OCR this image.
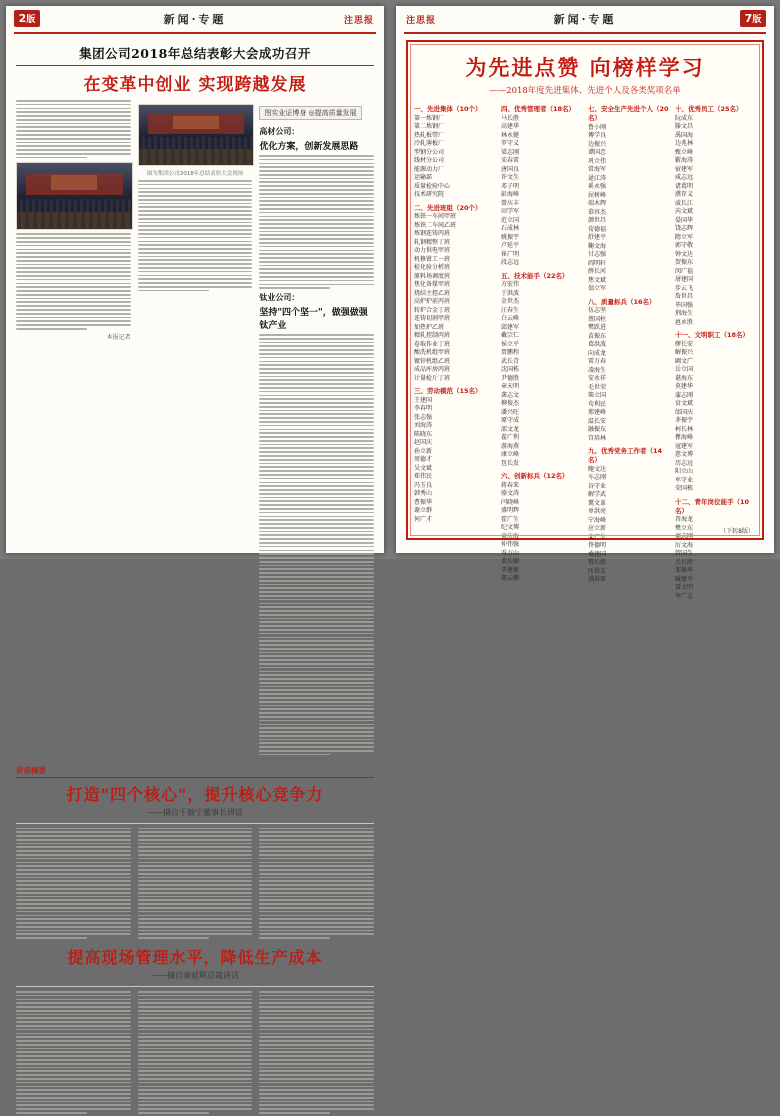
2版	新闻·专题	注思报
集团公司2018年总结表彰大会成功召开
在变革中创业 实现跨越发展
本报记者
图为集团公司2018年总结表彰大会现场
图实业证博身 ◎提高质量发展
高材公司：
优化方案，创新发展思路
钛业公司：
坚持"四个坚一"，做强做强钛产业
讲话摘要
打造"四个核心"，提升核心竞争力
——摘自于敏宁董事长讲话
提高现场管理水平，降低生产成本
——摘自秦延辉总裁讲话
7版
新闻·专题
注思报
为先进点赞 向榜样学习
——2018年度先进集体、先进个人及各类奖项名单
一、先进集体（10个）
第一炼钢厂
第二炼钢厂
热轧板带厂
冷轧薄板厂
型钢分公司
线材分公司
能源动力厂
运输部
质量检验中心
技术研究院
二、先进班组（20个）
炼铁一车间甲班
炼铁二车间乙班
炼钢连铸丙班
轧钢精整丁班
动力供电甲班
机修钳工一班
检化验分析班
原料场调度班
焦化备煤甲班
烧结主控乙班
高炉炉前丙班
转炉合金丁班
连铸切割甲班
加热炉乙班
精轧控制丙班
卷取作业丁班
酸洗机组甲班
镀锌机组乙班
成品库房丙班
计量检斤丁班
三、劳动模范（15名）
王建国
李春明
张志强
刘海涛
陈晓东
赵国庆
孙立新
周德才
吴文斌
郑伟民
冯玉良
韩秀山
曹振华
谢立群
何广才
四、优秀管理者（18名）
马长胜
高建华
林永健
罗守义
梁志刚
宋春雷
唐国良
许文生
邓子明
彭海峰
曾庆丰
田学军
范立国
石成林
姚振宇
卢延平
崔广明
段志远
五、技术能手（22名）
方宏伟
于洪波
金世杰
汪春生
白云峰
邱建军
戴宗仁
侯立平
贾鹏程
武长青
沈国栋
尹德胜
章天明
龚志文
柳俊杰
潘兴旺
原守成
邵文龙
翟广利
游海燕
康立峰
包长发
六、创新标兵（12名）
蒋春来
骆文涛
闫晓峰
盛明辉
霍广生
纪文博
童庆海
仲伟强
乔万山
裴长顺
毕建新
郝云鹏
七、安全生产先进个人（20名）
鲁小刚
傅学良
边振兴
谭国忠
巩立伟
常海军
逯江涛
奚永强
屈树峰
端木辉
慕容杰
颜世昌
荀德福
舒建平
鞠文海
甘志强
阎明轩
薛长河
焦文斌
翁立军
八、质量标兵（16名）
伍志坚
蔡国柱
樊跃进
苗振东
葛洪波
向成龙
雷万春
凌海生
安永祥
毛世荣
柴立国
苟利民
邢建峰
温长安
融振东
宫培林
九、优秀党务工作者（14名）
鲍文达
车志刚
谷守业
解学武
冀文革
单洪亮
宁海峰
应立新
栾广生
佟德明
桑建国
鄂长胜
匡世友
满春雷
十、优秀员工（25名）
阮成东
滕文昌
禹国海
边兆林
甄立峰
靳海涛
宿建军
咸志远
诸葛明
濮存义
戚长江
芮文斌
晏国华
饶志辉
隋立军
郭守敬
钟文达
贺振东
闵广福
屠建国
步云飞
詹世昌
毕国强
荆海生
扈永胜
十一、文明职工（18名）
缪长安
解振兴
阚文广
岳立国
谌海东
莫建华
蒲志刚
贲文斌
邰国庆
茅振宇
柯长林
瞿海峰
寇建军
慈文博
历志远
阳立山
牟守业
荣国栋
十二、青年岗位能手（10名）
晋海龙
樊立东
商志刚
厉文海
管国生
关长胜
邹振华
臧建平
聂文明
岑广志
（下转8版）
